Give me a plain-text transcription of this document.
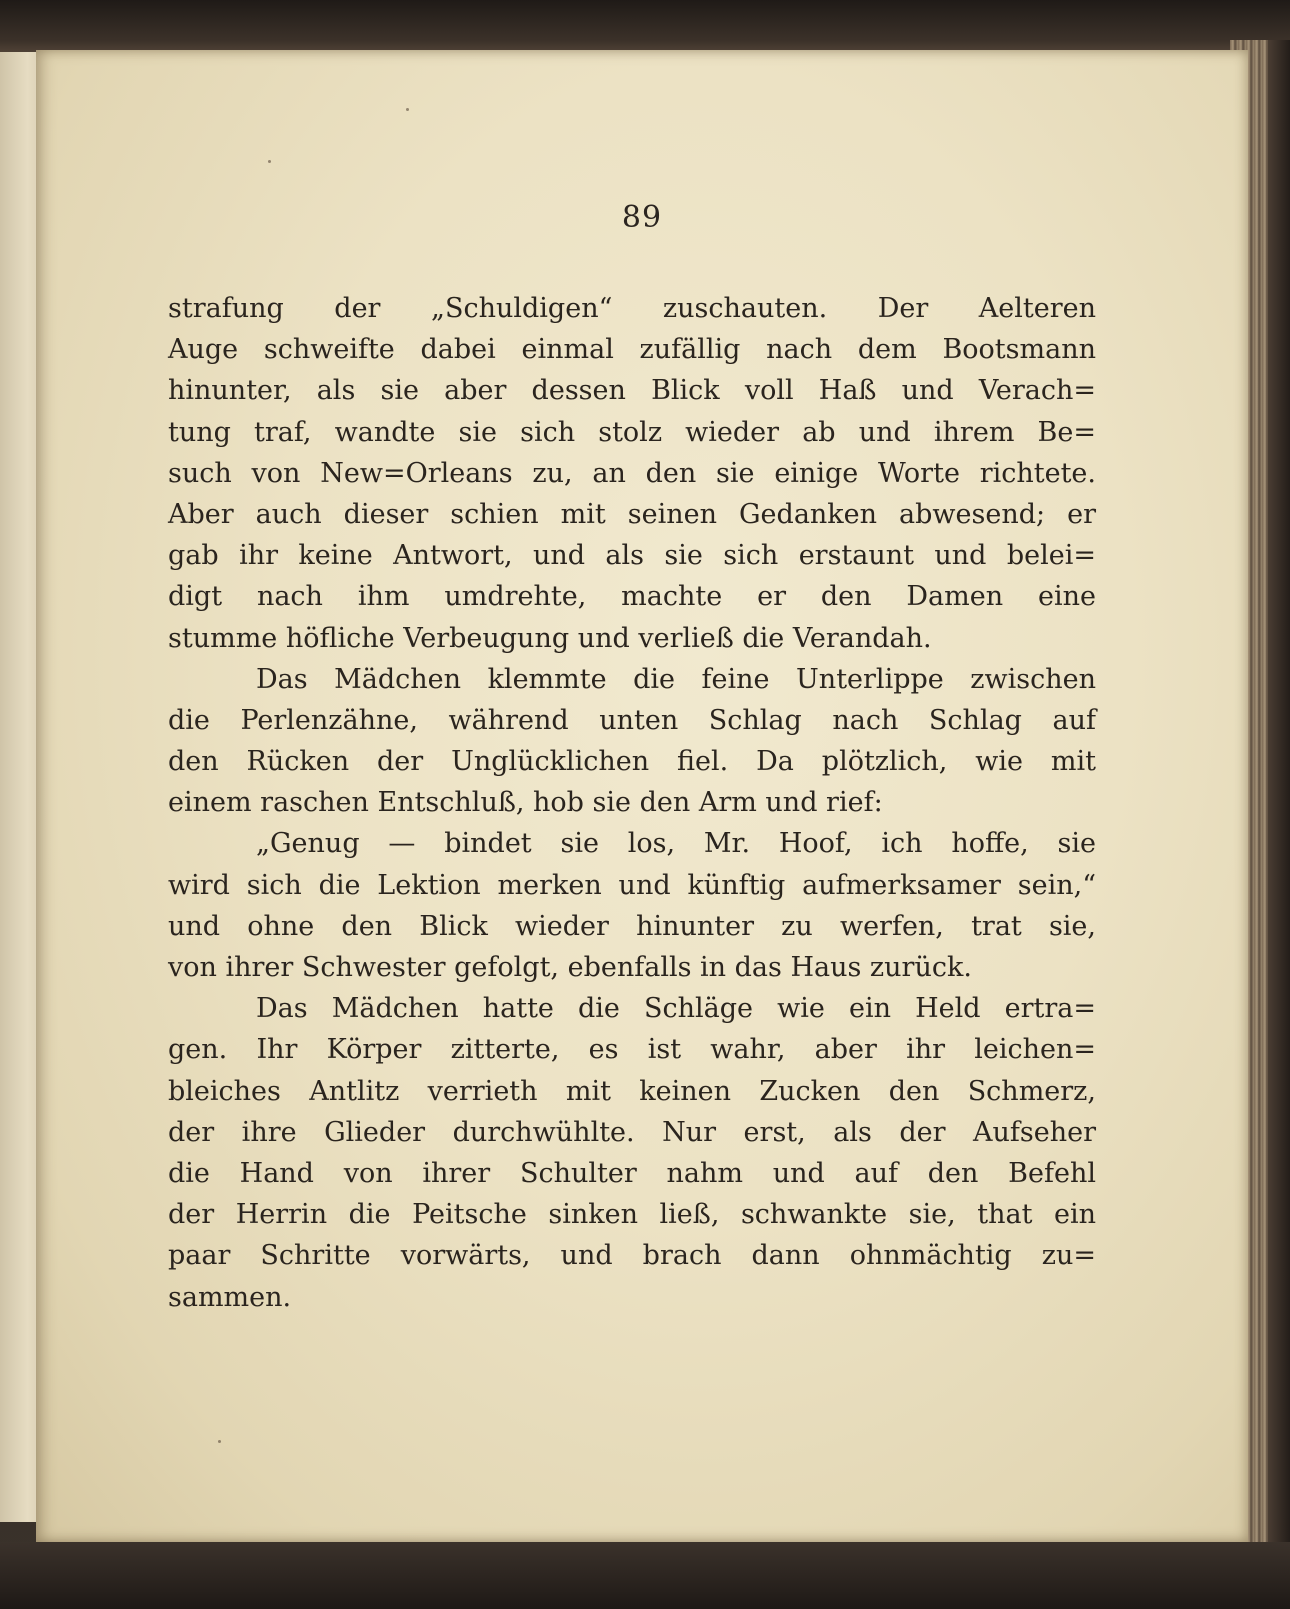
89

strafung der „Schuldigen“ zuschauten. Der Aelteren
Auge schweifte dabei einmal zufällig nach dem Bootsmann
hinunter, als sie aber dessen Blick voll Haß und Verach=
tung traf, wandte sie sich stolz wieder ab und ihrem Be=
such von New=Orleans zu, an den sie einige Worte richtete.
Aber auch dieser schien mit seinen Gedanken abwesend; er
gab ihr keine Antwort, und als sie sich erstaunt und belei=
digt nach ihm umdrehte, machte er den Damen eine
stumme höfliche Verbeugung und verließ die Verandah.
Das Mädchen klemmte die feine Unterlippe zwischen
die Perlenzähne, während unten Schlag nach Schlag auf
den Rücken der Unglücklichen fiel. Da plötzlich, wie mit
einem raschen Entschluß, hob sie den Arm und rief:
„Genug — bindet sie los, Mr. Hoof, ich hoffe, sie
wird sich die Lektion merken und künftig aufmerksamer sein,“
und ohne den Blick wieder hinunter zu werfen, trat sie,
von ihrer Schwester gefolgt, ebenfalls in das Haus zurück.
Das Mädchen hatte die Schläge wie ein Held ertra=
gen. Ihr Körper zitterte, es ist wahr, aber ihr leichen=
bleiches Antlitz verrieth mit keinen Zucken den Schmerz,
der ihre Glieder durchwühlte. Nur erst, als der Aufseher
die Hand von ihrer Schulter nahm und auf den Befehl
der Herrin die Peitsche sinken ließ, schwankte sie, that ein
paar Schritte vorwärts, und brach dann ohnmächtig zu=
sammen.
